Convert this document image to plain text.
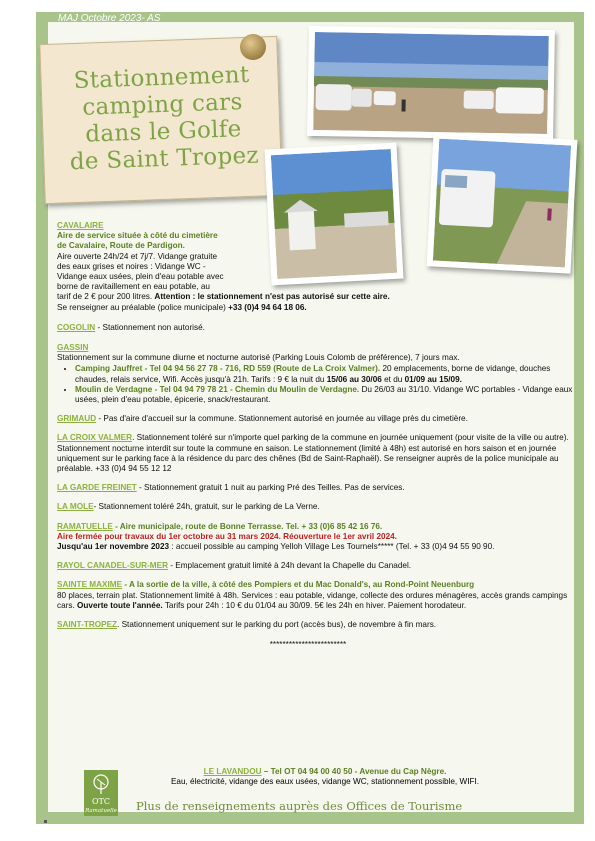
MAJ Octobre 2023- AS
Stationnement
camping cars
dans le Golfe
de Saint Tropez
CAVALAIRE
Aire de service située à côté du cimetière
de Cavalaire, Route de Pardigon.
Aire ouverte 24h/24 et 7j/7. Vidange gratuite
des eaux grises et noires : Vidange WC -
Vidange eaux usées, plein d'eau potable avec
borne de ravitaillement en eau potable, au
tarif de 2 € pour 200 litres. Attention : le stationnement n'est pas autorisé sur cette aire.
Se renseigner au préalable (police municipale) +33 (0)4 94 64 18 06.
COGOLIN - Stationnement non autorisé.
GASSIN
Stationnement sur la commune diurne et nocturne autorisé (Parking Louis Colomb de préférence), 7 jours max.
• Camping Jauffret - Tel 04 94 56 27 78 - 716, RD 559 (Route de La Croix Valmer). 20 emplacements, borne de vidange, douches chaudes, relais service, Wifi. Accès jusqu'à 21h. Tarifs : 9 € la nuit du 15/06 au 30/06 et du 01/09 au 15/09.
• Moulin de Verdagne - Tel 04 94 79 78 21 - Chemin du Moulin de Verdagne. Du 26/03 au 31/10. Vidange WC portables - Vidange eaux usées, plein d'eau potable, épicerie, snack/restaurant.
GRIMAUD - Pas d'aire d'accueil sur la commune. Stationnement autorisé en journée au village près du cimetière.
LA CROIX VALMER. Stationnement toléré sur n'importe quel parking de la commune en journée uniquement (pour visite de la ville ou autre). Stationnement nocturne interdit sur toute la commune en saison. Le stationnement (limité à 48h) est autorisé en hors saison et en journée uniquement sur le parking face à la résidence du parc des chênes (Bd de Saint-Raphaël). Se renseigner auprès de la police municipale au préalable. +33 (0)4 94 55 12 12
LA GARDE FREINET - Stationnement gratuit 1 nuit au parking Pré des Teilles. Pas de services.
LA MOLE- Stationnement toléré 24h, gratuit, sur le parking de La Verne.
RAMATUELLE - Aire municipale, route de Bonne Terrasse. Tel. + 33 (0)6 85 42 16 76.
Aire fermée pour travaux du 1er octobre au 31 mars 2024. Réouverture le 1er avril 2024.
Jusqu'au 1er novembre 2023 : accueil possible au camping Yelloh Village Les Tournels***** (Tel. + 33 (0)4 94 55 90 90.
RAYOL CANADEL-SUR-MER - Emplacement gratuit limité à 24h devant la Chapelle du Canadel.
SAINTE MAXIME - A la sortie de la ville, à côté des Pompiers et du Mac Donald's, au Rond-Point Neuenburg
80 places, terrain plat. Stationnement limité à 48h. Services : eau potable, vidange, collecte des ordures ménagères, accès grands campings cars. Ouverte toute l'année. Tarifs pour 24h : 10 € du 01/04 au 30/09. 5€ les 24h en hiver. Paiement horodateur.
SAINT-TROPEZ. Stationnement uniquement sur le parking du port (accès bus), de novembre à fin mars.
************************
LE LAVANDOU – Tel OT 04 94 00 40 50 - Avenue du Cap Nègre.
Eau, électricité, vidange des eaux usées, vidange WC, stationnement possible, WIFI.
OTC
Ramatuelle Plus de renseignements auprès des Offices de Tourisme
